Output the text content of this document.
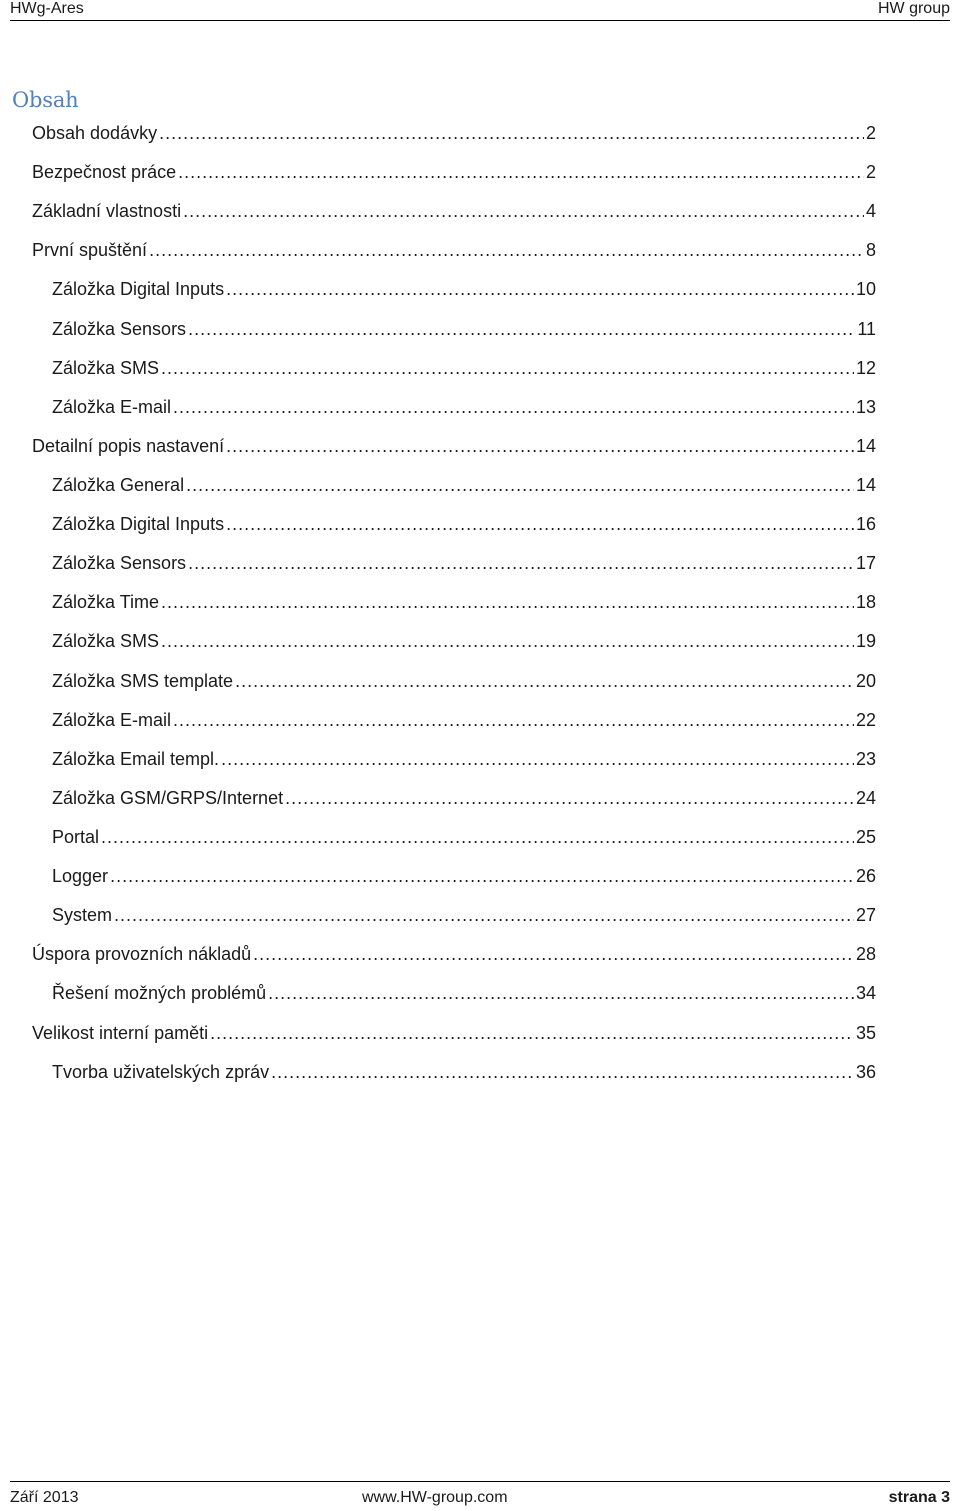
HWg-Ares	HW group
Obsah
Obsah dodávky .....	2
Bezpečnost práce .....	2
Základní vlastnosti .....	4
První spuštění .....	8
Záložka Digital Inputs .....	10
Záložka Sensors .....	11
Záložka SMS .....	12
Záložka E-mail .....	13
Detailní popis nastavení .....	14
Záložka General .....	14
Záložka Digital Inputs .....	16
Záložka Sensors .....	17
Záložka Time .....	18
Záložka SMS .....	19
Záložka SMS template .....	20
Záložka E-mail .....	22
Záložka Email templ. .....	23
Záložka GSM/GRPS/Internet .....	24
Portal .....	25
Logger .....	26
System .....	27
Úspora provozních nákladů .....	28
Řešení možných problémů .....	34
Velikost interní paměti .....	35
Tvorba uživatelských zpráv .....	36
Září 2013	www.HW-group.com	strana 3
